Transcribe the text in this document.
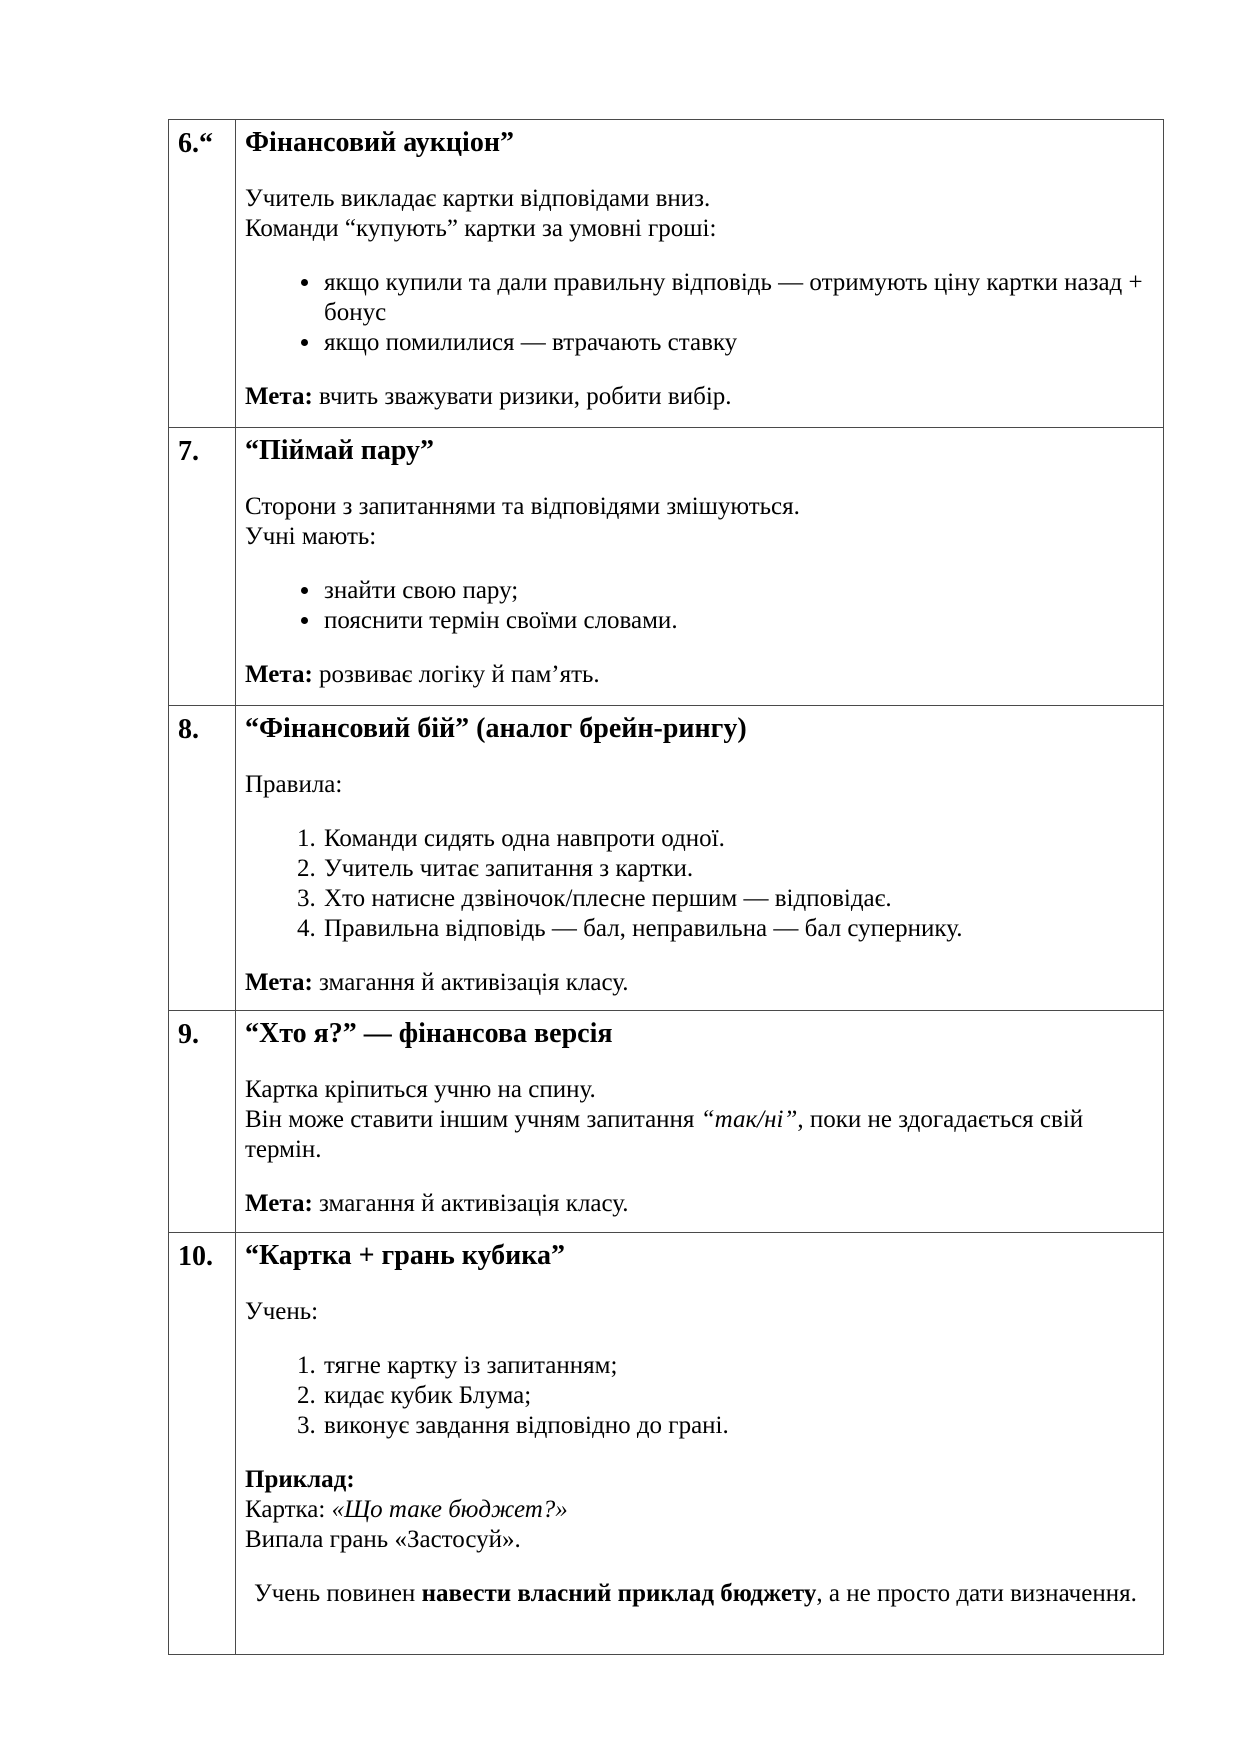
6.“	Фінансовий аукціон”

Учитель викладає картки відповідами вниз.

Команди “купують” картки за умовні гроші:

• якщо купили та дали правильну відповідь — отримують ціну картки назад + бонус
• якщо помилилися — втрачають ставку

Мета: вчить зважувати ризики, робити вибір.

7.	“Піймай пару”

Сторони з запитаннями та відповідями змішуються.

Учні мають:

• знайти свою пару;
• пояснити термін своїми словами.

Мета: розвиває логіку й пам’ять.

8.	“Фінансовий бій” (аналог брейн-рингу)

Правила:

1. Команди сидять одна навпроти одної.
2. Учитель читає запитання з картки.
3. Хто натисне дзвіночок/плесне першим — відповідає.
4. Правильна відповідь — бал, неправильна — бал супернику.

Мета: змагання й активізація класу.

9.	“Хто я?” — фінансова версія

Картка кріпиться учню на спину.

Він може ставити іншим учням запитання “так/ні”, поки не здогадається свій термін.

Мета: змагання й активізація класу.

10.	“Картка + грань кубика”

Учень:

1. тягне картку із запитанням;
2. кидає кубик Блума;
3. виконує завдання відповідно до грані.

Приклад:

Картка: «Що таке бюджет?»

Випала грань «Застосуй».

Учень повинен навести власний приклад бюджету, а не просто дати визначення.
